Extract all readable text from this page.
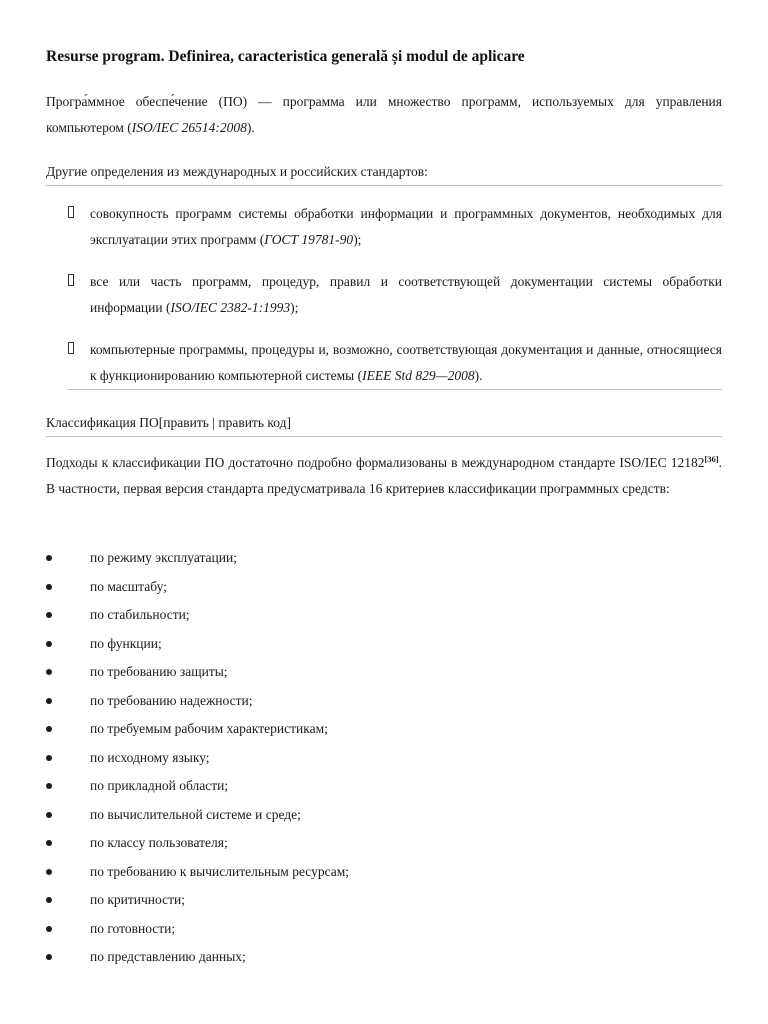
Resurse program. Definirea, caracteristica generală și modul de aplicare
Програ́ммное обеспе́чение (ПО) — программа или множество программ, используемых для управления компьютером (ISO/IEC 26514:2008).
Другие определения из международных и российских стандартов:
совокупность программ системы обработки информации и программных документов, необходимых для эксплуатации этих программ (ГОСТ 19781-90);
все или часть программ, процедур, правил и соответствующей документации системы обработки информации (ISO/IEC 2382-1:1993);
компьютерные программы, процедуры и, возможно, соответствующая документация и данные, относящиеся к функционированию компьютерной системы (IEEE Std 829—2008).
Классификация ПО[править | править код]
Подходы к классификации ПО достаточно подробно формализованы в международном стандарте ISO/IEC 12182[36]. В частности, первая версия стандарта предусматривала 16 критериев классификации программных средств:
по режиму эксплуатации;
по масштабу;
по стабильности;
по функции;
по требованию защиты;
по требованию надежности;
по требуемым рабочим характеристикам;
по исходному языку;
по прикладной области;
по вычислительной системе и среде;
по классу пользователя;
по требованию к вычислительным ресурсам;
по критичности;
по готовности;
по представлению данных;
